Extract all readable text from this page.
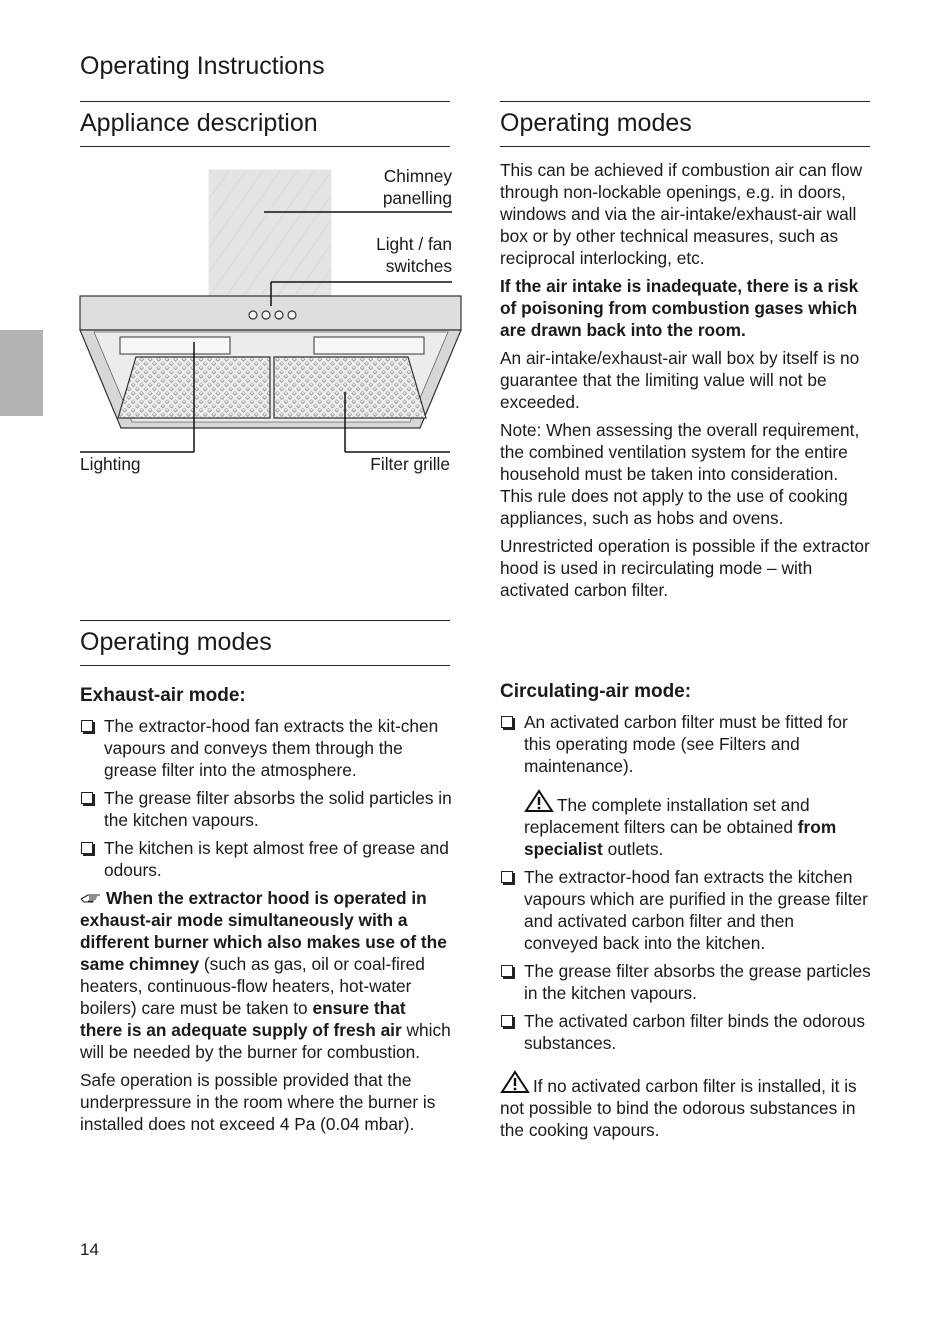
Operating Instructions
Appliance description
Chimney
panelling
Light / fan
switches
Lighting	Filter grille
Operating modes
Exhaust-air mode:
The extractor-hood fan extracts the kit-chen vapours and conveys them through the grease filter into the atmosphere.
The grease filter absorbs the solid particles in the kitchen vapours.
The kitchen is kept almost free of grease and odours.

When the extractor hood is operated in exhaust-air mode simultaneously with a different burner which also makes use of the same chimney (such as gas, oil or coal-fired heaters, continuous-flow heaters, hot-water boilers) care must be taken to ensure that there is an adequate supply of fresh air which will be needed by the burner for combustion.

Safe operation is possible provided that the underpressure in the room where the burner is installed does not exceed 4 Pa (0.04 mbar).

Operating modes

This can be achieved if combustion air can flow through non-lockable openings, e.g. in doors, windows and via the air-intake/exhaust-air wall box or by other technical measures, such as reciprocal interlocking, etc.

If the air intake is inadequate, there is a risk of poisoning from combustion gases which are drawn back into the room.

An air-intake/exhaust-air wall box by itself is no guarantee that the limiting value will not be exceeded.

Note: When assessing the overall requirement, the combined ventilation system for the entire household must be taken into consideration. This rule does not apply to the use of cooking appliances, such as hobs and ovens.

Unrestricted operation is possible if the extractor hood is used in recirculating mode – with activated carbon filter.

Circulating-air mode:
An activated carbon filter must be fitted for this operating mode (see Filters and maintenance).

The complete installation set and replacement filters can be obtained from specialist outlets.

The extractor-hood fan extracts the kitchen vapours which are purified in the grease filter and activated carbon filter and then conveyed back into the kitchen.
The grease filter absorbs the grease particles in the kitchen vapours.
The activated carbon filter binds the odorous substances.

If no activated carbon filter is installed, it is not possible to bind the odorous substances in the cooking vapours.

14
